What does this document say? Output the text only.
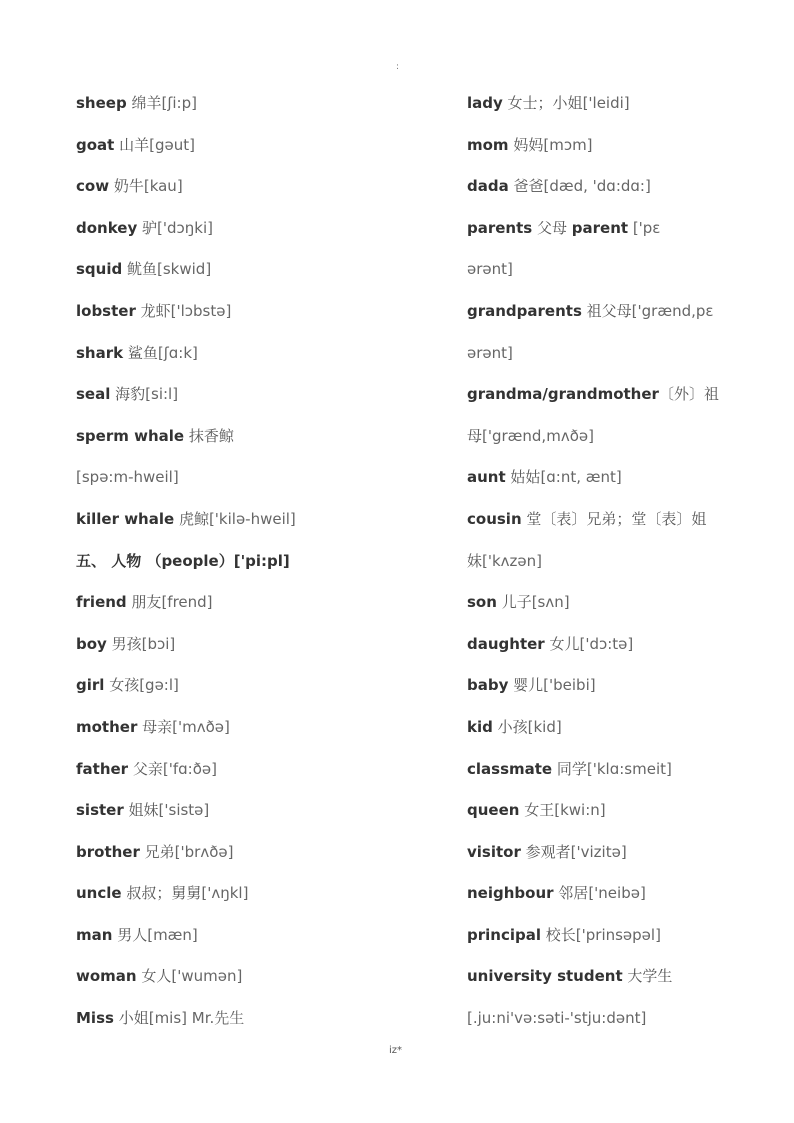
:
sheep 绵羊[ʃi:p]
goat 山羊[gəut]
cow 奶牛[kau]
donkey 驴['dɔŋki]
squid 鱿鱼[skwid]
lobster 龙虾['lɔbstə]
shark 鲨鱼[ʃɑ:k]
seal 海豹[si:l]
sperm whale 抹香鲸
[spə:m-hweil]
killer whale 虎鲸['kilə-hweil]
五、 人物 （people）['pi:pl]
friend 朋友[frend]
boy 男孩[bɔi]
girl 女孩[gə:l]
mother 母亲['mʌðə]
father 父亲['fɑ:ðə]
sister 姐妹['sistə]
brother 兄弟['brʌðə]
uncle 叔叔；舅舅['ʌŋkl]
man 男人[mæn]
woman 女人['wumən]
Miss 小姐[mis] Mr.先生
lady 女士；小姐['leidi]
mom 妈妈[mɔm]
dada 爸爸[dæd, 'dɑ:dɑ:]
parents 父母 parent ['pɛ
ərənt]
grandparents 祖父母['grænd,pɛ
ərənt]
grandma/grandmother〔外〕祖
母['grænd,mʌðə]
aunt 姑姑[ɑ:nt, ænt]
cousin 堂〔表〕兄弟；堂〔表〕姐
妹['kʌzən]
son 儿子[sʌn]
daughter 女儿['dɔ:tə]
baby 婴儿['beibi]
kid 小孩[kid]
classmate 同学['klɑ:smeit]
queen 女王[kwi:n]
visitor 参观者['vizitə]
neighbour 邻居['neibə]
principal 校长['prinsəpəl]
university student 大学生
[.ju:ni'və:səti-'stju:dənt]
iz*
